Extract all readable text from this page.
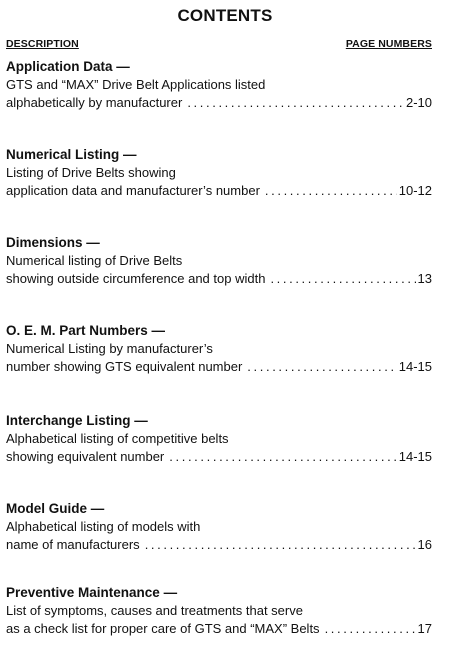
CONTENTS
DESCRIPTION	PAGE NUMBERS
Application Data —
GTS and “MAX” Drive Belt Applications listed
alphabetically by manufacturer . . .	2-10
Numerical Listing —
Listing of Drive Belts showing
application data and manufacturer’s number . . .	10-12
Dimensions —
Numerical listing of Drive Belts
showing outside circumference and top width . . .	13
O. E. M. Part Numbers —
Numerical Listing by manufacturer’s
number showing GTS equivalent number . . .	14-15
Interchange Listing —
Alphabetical listing of competitive belts
showing equivalent number . . .	14-15
Model Guide —
Alphabetical listing of models with
name of manufacturers . . .	16
Preventive Maintenance —
List of symptoms, causes and treatments that serve
as a check list for proper care of GTS and “MAX” Belts . . .	17
